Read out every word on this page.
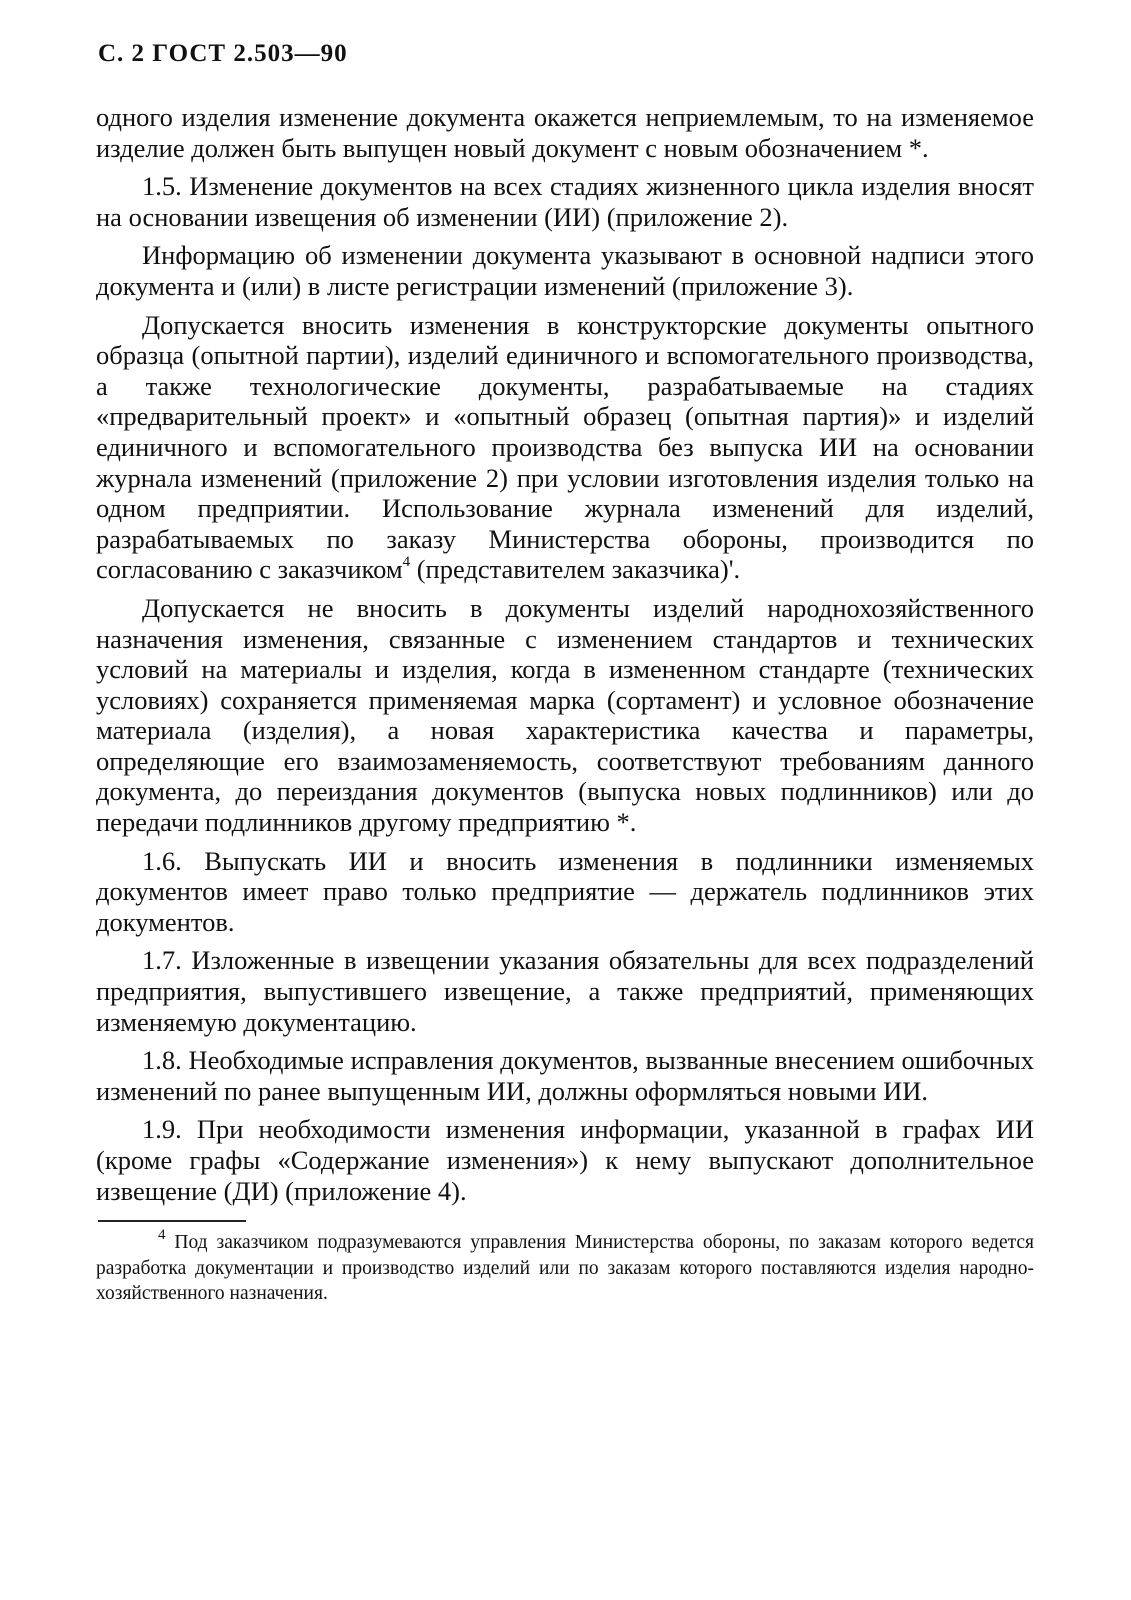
С. 2 ГОСТ 2.503—90

одного изделия изменение документа окажется неприемлемым, то на изменяемое изделие должен быть выпущен новый документ с новым обозначением *.

1.5. Изменение документов на всех стадиях жизненного цикла изделия вносят на основании извещения об изменении (ИИ) (приложение 2).

Информацию об изменении документа указывают в основной надписи этого документа и (или) в листе регистрации изменений (приложение 3).

Допускается вносить изменения в конструкторские документы опытного образца (опытной партии), изделий единичного и вспомогательного производства, а также технологические документы, разрабатываемые на стадиях «предварительный проект» и «опытный образец (опытная партия)» и изделий единичного и вспомогательного производства без выпуска ИИ на основании журнала изменений (приложение 2) при условии изготовления изделия только на одном предприятии. Использование журнала изменений для изделий, разрабатываемых по заказу Министерства обороны, производится по согласованию с заказчиком$^4$ (представителем заказчика)'.

Допускается не вносить в документы изделий народнохозяйственного назначения изменения, связанные с изменением стандартов и технических условий на материалы и изделия, когда в измененном стандарте (технических условиях) сохраняется применяемая марка (сортамент) и условное обозначение материала (изделия), а новая характеристика качества и параметры, определяющие его взаимозаменяемость, соответствуют требованиям данного документа, до переиздания документов (выпуска новых подлинников) или до передачи подлинников другому предприятию *.

1.6. Выпускать ИИ и вносить изменения в подлинники изменяемых документов имеет право только предприятие — держатель подлинников этих документов.

1.7. Изложенные в извещении указания обязательны для всех подразделений предприятия, выпустившего извещение, а также предприятий, применяющих изменяемую документацию.

1.8. Необходимые исправления документов, вызванные внесением ошибочных изменений по ранее выпущенным ИИ, должны оформляться новыми ИИ.

1.9. При необходимости изменения информации, указанной в графах ИИ (кроме графы «Содержание изменения») к нему выпускают дополнительное извещение (ДИ) (приложение 4).

$^4$ Под заказчиком подразумеваются управления Министерства обороны, по заказам которого ведется разработка документации и производство изделий или по заказам которого поставляются изделия народно-хозяйственного назначения.
